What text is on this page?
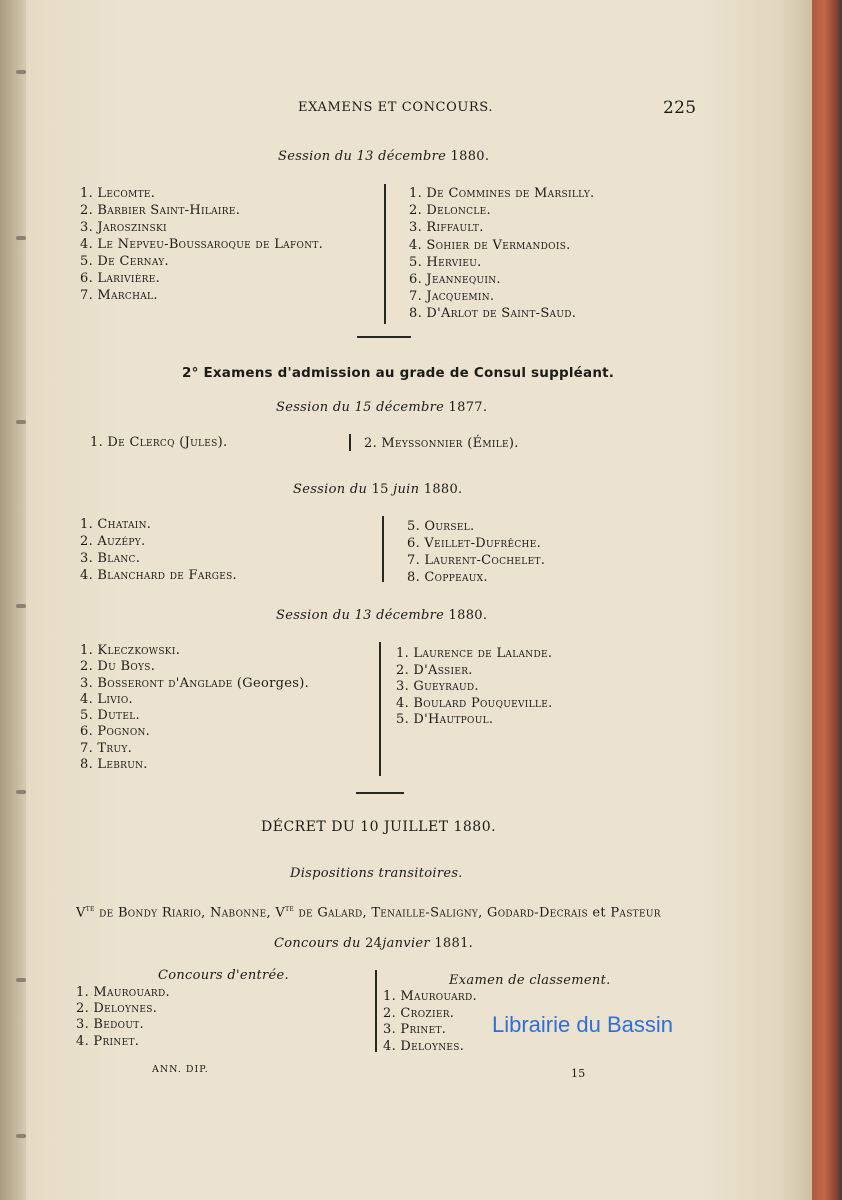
EXAMENS ET CONCOURS.	225
Session du 13 décembre 1880.
1. Lecomte.
2. Barbier Saint-Hilaire.
3. Jaroszinski
4. Le Nepveu-Boussaroque de Lafont.
5. De Cernay.
6. Larivière.
7. Marchal.
1. De Commines de Marsilly.
2. Deloncle.
3. Riffault.
4. Sohier de Vermandois.
5. Hervieu.
6. Jeannequin.
7. Jacquemin.
8. D'Arlot de Saint-Saud.
2° Examens d'admission au grade de Consul suppléant.
Session du 15 décembre 1877.
1. De Clercq (Jules).	2. Meyssonnier (Émile).
Session du 15 juin 1880.
1. Chatain.
2. Auzépy.
3. Blanc.
4. Blanchard de Farges.
5. Oursel.
6. Veillet-Dufrêche.
7. Laurent-Cochelet.
8. Coppeaux.
Session du 13 décembre 1880.
1. Kleczkowski.
2. Du Boys.
3. Bosseront d'Anglade (Georges).
4. Livio.
5. Dutel.
6. Pognon.
7. Truy.
8. Lebrun.
1. Laurence de Lalande.
2. D'Assier.
3. Gueyraud.
4. Boulard Pouqueville.
5. D'Hautpoul.
DÉCRET DU 10 JUILLET 1880.
Dispositions transitoires.
$V^{te}$ de Bondy Riario, Nabonne, $V^{te}$ de Galard, Tenaille-Saligny, Godard-Decrais et Pasteur
Concours du 24janvier 1881.
Concours d'entrée.
1. Maurouard.
2. Deloynes.
3. Bedout.
4. Prinet.
Examen de classement.
1. Maurouard.
2. Crozier.
3. Prinet.
4. Deloynes.
ANN. DIP.	15
Librairie du Bassin
